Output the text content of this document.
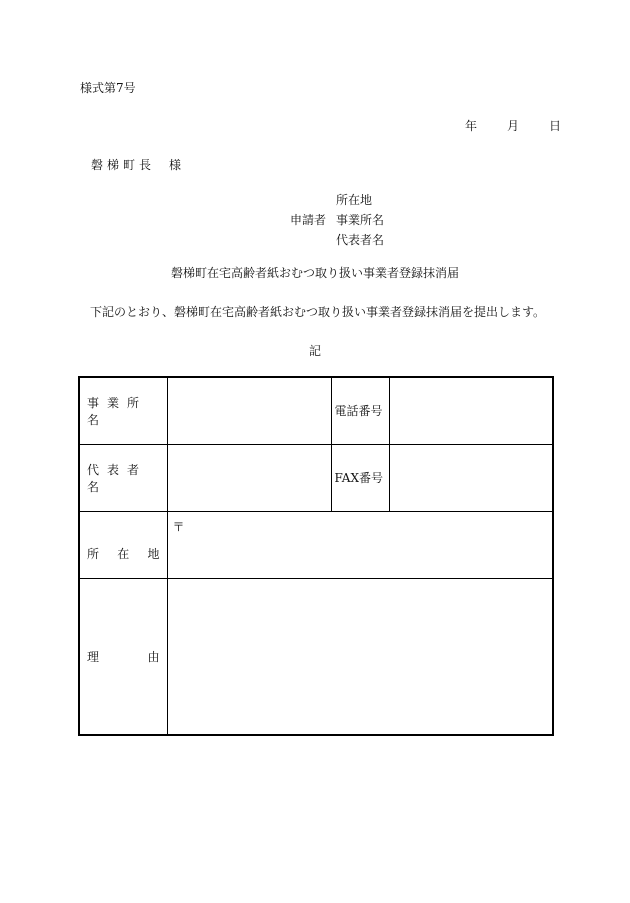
様式第7号
年	月	日
磐梯町長 様
所在地
申請者 事業所名
代表者名
磐梯町在宅高齢者紙おむつ取り扱い事業者登録抹消届
下記のとおり、磐梯町在宅高齢者紙おむつ取り扱い事業者登録抹消届を提出します。
記
事業所名		電話番号	
代表者名		FAX番号	
所在地	〒		

理由			
